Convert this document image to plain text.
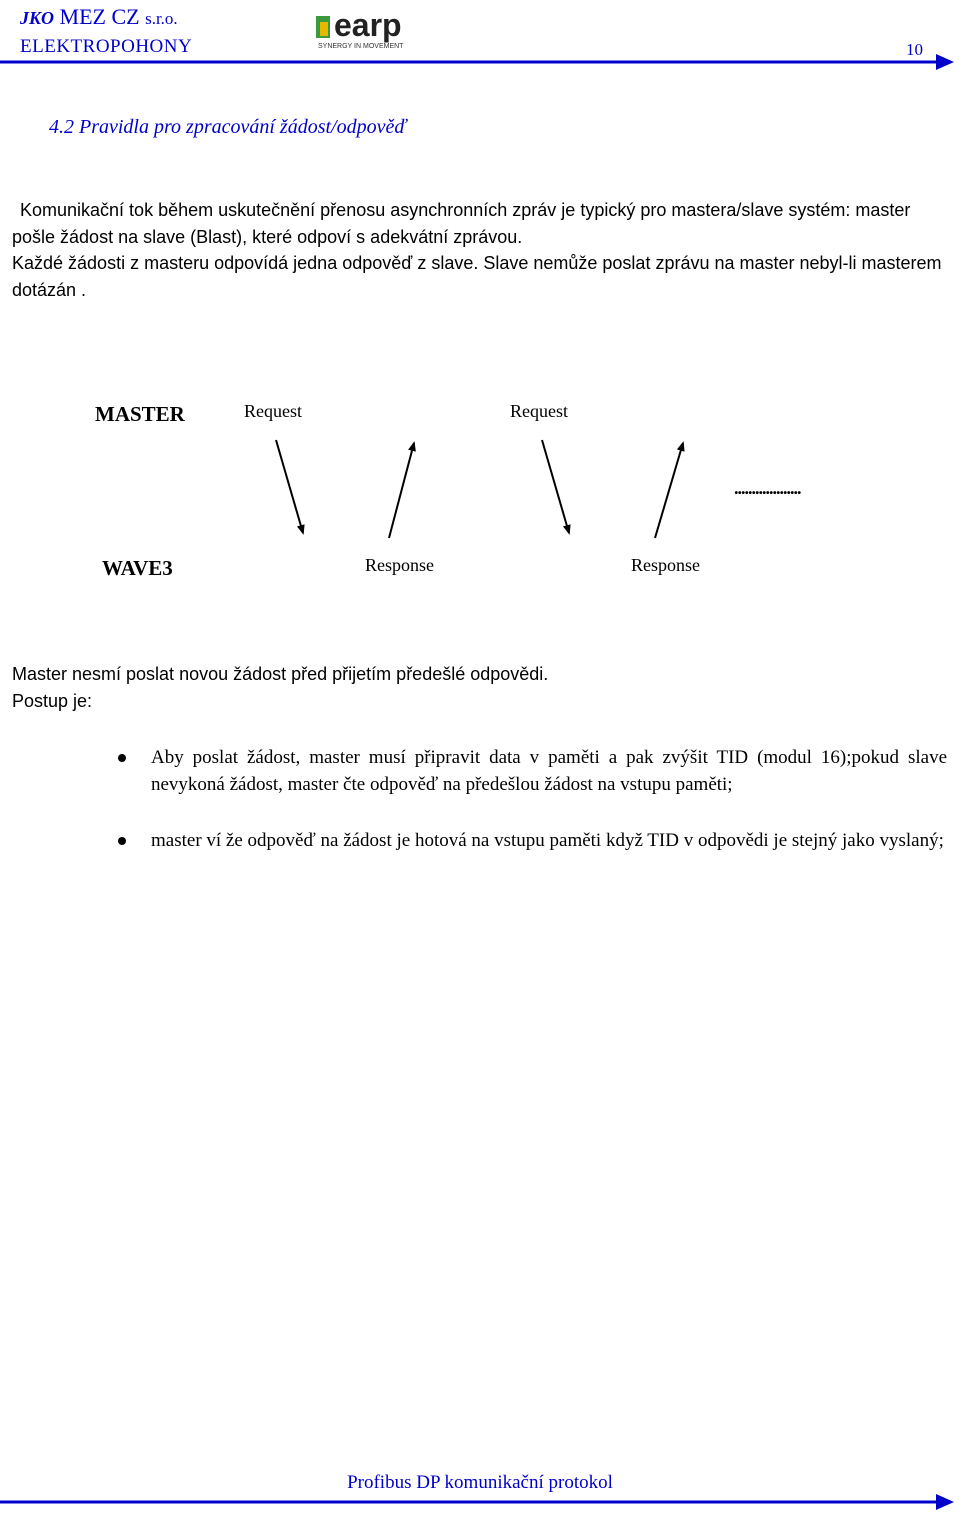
JKO MEZ CZ s.r.o.
ELEKTROPOHONY
earp
SYNERGY IN MOVEMENT	10
4.2 Pravidla pro zpracování žádost/odpověď
Komunikační tok během uskutečnění přenosu asynchronních zpráv je typický pro mastera/slave systém: master pošle žádost na slave (Blast), které odpoví s adekvátní zprávou.
Každé žádosti z masteru odpovídá jedna odpověď z slave. Slave nemůže poslat zprávu na master nebyl-li masterem dotázán .
MASTER	Request	Request
...................
WAVE3	Response	Response
Master nesmí poslat novou žádost před přijetím předešlé odpovědi.
Postup je:
Aby poslat žádost, master musí připravit data v paměti a pak zvýšit TID (modul 16);pokud slave nevykoná žádost, master čte odpověď na předešlou žádost na vstupu paměti;
master ví že odpověď na žádost je hotová na vstupu paměti když TID v odpovědi je stejný jako vyslaný;
Profibus DP komunikační protokol
